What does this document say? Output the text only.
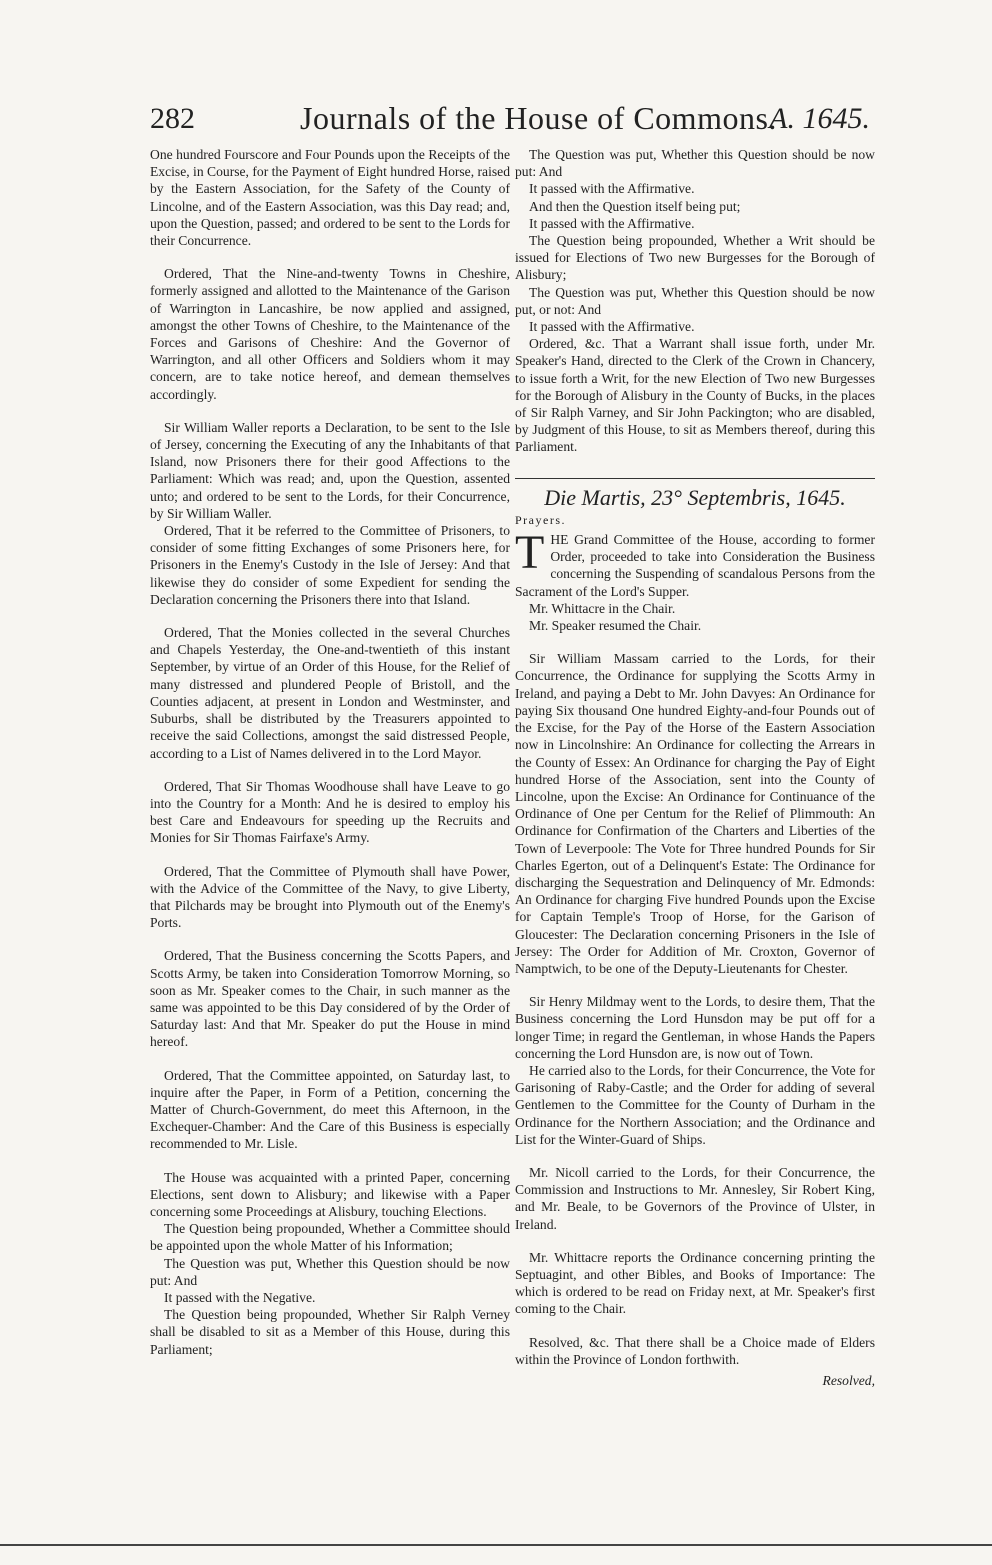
282	Journals of the House of Commons.
A. 1645.

One hundred Fourscore and Four Pounds upon the Receipts of the Excise, in Course, for the Payment of Eight hundred Horse, raised by the Eastern Association, for the Safety of the County of Lincolne, and of the Eastern Association, was this Day read; and, upon the Question, passed; and ordered to be sent to the Lords for their Concurrence.

Ordered, That the Nine-and-twenty Towns in Cheshire, formerly assigned and allotted to the Maintenance of the Garison of Warrington in Lancashire, be now applied and assigned, amongst the other Towns of Cheshire, to the Maintenance of the Forces and Garisons of Cheshire: And the Governor of Warrington, and all other Officers and Soldiers whom it may concern, are to take notice hereof, and demean themselves accordingly.

Sir William Waller reports a Declaration, to be sent to the Isle of Jersey, concerning the Executing of any the Inhabitants of that Island, now Prisoners there for their good Affections to the Parliament: Which was read; and, upon the Question, assented unto; and ordered to be sent to the Lords, for their Concurrence, by Sir William Waller.

Ordered, That it be referred to the Committee of Prisoners, to consider of some fitting Exchanges of some Prisoners here, for Prisoners in the Enemy's Custody in the Isle of Jersey: And that likewise they do consider of some Expedient for sending the Declaration concerning the Prisoners there into that Island.

Ordered, That the Monies collected in the several Churches and Chapels Yesterday, the One-and-twentieth of this instant September, by virtue of an Order of this House, for the Relief of many distressed and plundered People of Bristoll, and the Counties adjacent, at present in London and Westminster, and Suburbs, shall be distributed by the Treasurers appointed to receive the said Collections, amongst the said distressed People, according to a List of Names delivered in to the Lord Mayor.

Ordered, That Sir Thomas Woodhouse shall have Leave to go into the Country for a Month: And he is desired to employ his best Care and Endeavours for speeding up the Recruits and Monies for Sir Thomas Fairfaxe's Army.

Ordered, That the Committee of Plymouth shall have Power, with the Advice of the Committee of the Navy, to give Liberty, that Pilchards may be brought into Plymouth out of the Enemy's Ports.

Ordered, That the Business concerning the Scotts Papers, and Scotts Army, be taken into Consideration Tomorrow Morning, so soon as Mr. Speaker comes to the Chair, in such manner as the same was appointed to be this Day considered of by the Order of Saturday last: And that Mr. Speaker do put the House in mind hereof.

Ordered, That the Committee appointed, on Saturday last, to inquire after the Paper, in Form of a Petition, concerning the Matter of Church-Government, do meet this Afternoon, in the Exchequer-Chamber: And the Care of this Business is especially recommended to Mr. Lisle.

The House was acquainted with a printed Paper, concerning Elections, sent down to Alisbury; and likewise with a Paper concerning some Proceedings at Alisbury, touching Elections.

The Question being propounded, Whether a Committee should be appointed upon the whole Matter of his Information;

The Question was put, Whether this Question should be now put: And

It passed with the Negative.

The Question being propounded, Whether Sir Ralph Verney shall be disabled to sit as a Member of this House, during this Parliament;

The Question was put, Whether this Question should be now put: And

It passed with the Affirmative.

And then the Question itself being put;

It passed with the Affirmative.

The Question being propounded, Whether a Writ should be issued for Elections of Two new Burgesses for the Borough of Alisbury;

The Question was put, Whether this Question should be now put, or not: And

It passed with the Affirmative.

Ordered, &c. That a Warrant shall issue forth, under Mr. Speaker's Hand, directed to the Clerk of the Crown in Chancery, to issue forth a Writ, for the new Election of Two new Burgesses for the Borough of Alisbury in the County of Bucks, in the places of Sir Ralph Varney, and Sir John Packington; who are disabled, by Judgment of this House, to sit as Members thereof, during this Parliament.

Die Martis, 23° Septembris, 1645.
Prayers.

THE Grand Committee of the House, according to former Order, proceeded to take into Consideration the Business concerning the Suspending of scandalous Persons from the Sacrament of the Lord's Supper.

Mr. Whittacre in the Chair.

Mr. Speaker resumed the Chair.

Sir William Massam carried to the Lords, for their Concurrence, the Ordinance for supplying the Scotts Army in Ireland, and paying a Debt to Mr. John Davyes: An Ordinance for paying Six thousand One hundred Eighty-and-four Pounds out of the Excise, for the Pay of the Horse of the Eastern Association now in Lincolnshire: An Ordinance for collecting the Arrears in the County of Essex: An Ordinance for charging the Pay of Eight hundred Horse of the Association, sent into the County of Lincolne, upon the Excise: An Ordinance for Continuance of the Ordinance of One per Centum for the Relief of Plimmouth: An Ordinance for Confirmation of the Charters and Liberties of the Town of Leverpoole: The Vote for Three hundred Pounds for Sir Charles Egerton, out of a Delinquent's Estate: The Ordinance for discharging the Sequestration and Delinquency of Mr. Edmonds: An Ordinance for charging Five hundred Pounds upon the Excise for Captain Temple's Troop of Horse, for the Garison of Gloucester: The Declaration concerning Prisoners in the Isle of Jersey: The Order for Addition of Mr. Croxton, Governor of Namptwich, to be one of the Deputy-Lieutenants for Chester.

Sir Henry Mildmay went to the Lords, to desire them, That the Business concerning the Lord Hunsdon may be put off for a longer Time; in regard the Gentleman, in whose Hands the Papers concerning the Lord Hunsdon are, is now out of Town.

He carried also to the Lords, for their Concurrence, the Vote for Garisoning of Raby-Castle; and the Order for adding of several Gentlemen to the Committee for the County of Durham in the Ordinance for the Northern Association; and the Ordinance and List for the Winter-Guard of Ships.

Mr. Nicoll carried to the Lords, for their Concurrence, the Commission and Instructions to Mr. Annesley, Sir Robert King, and Mr. Beale, to be Governors of the Province of Ulster, in Ireland.

Mr. Whittacre reports the Ordinance concerning printing the Septuagint, and other Bibles, and Books of Importance: The which is ordered to be read on Friday next, at Mr. Speaker's first coming to the Chair.

Resolved, &c. That there shall be a Choice made of Elders within the Province of London forthwith.

Resolved,
